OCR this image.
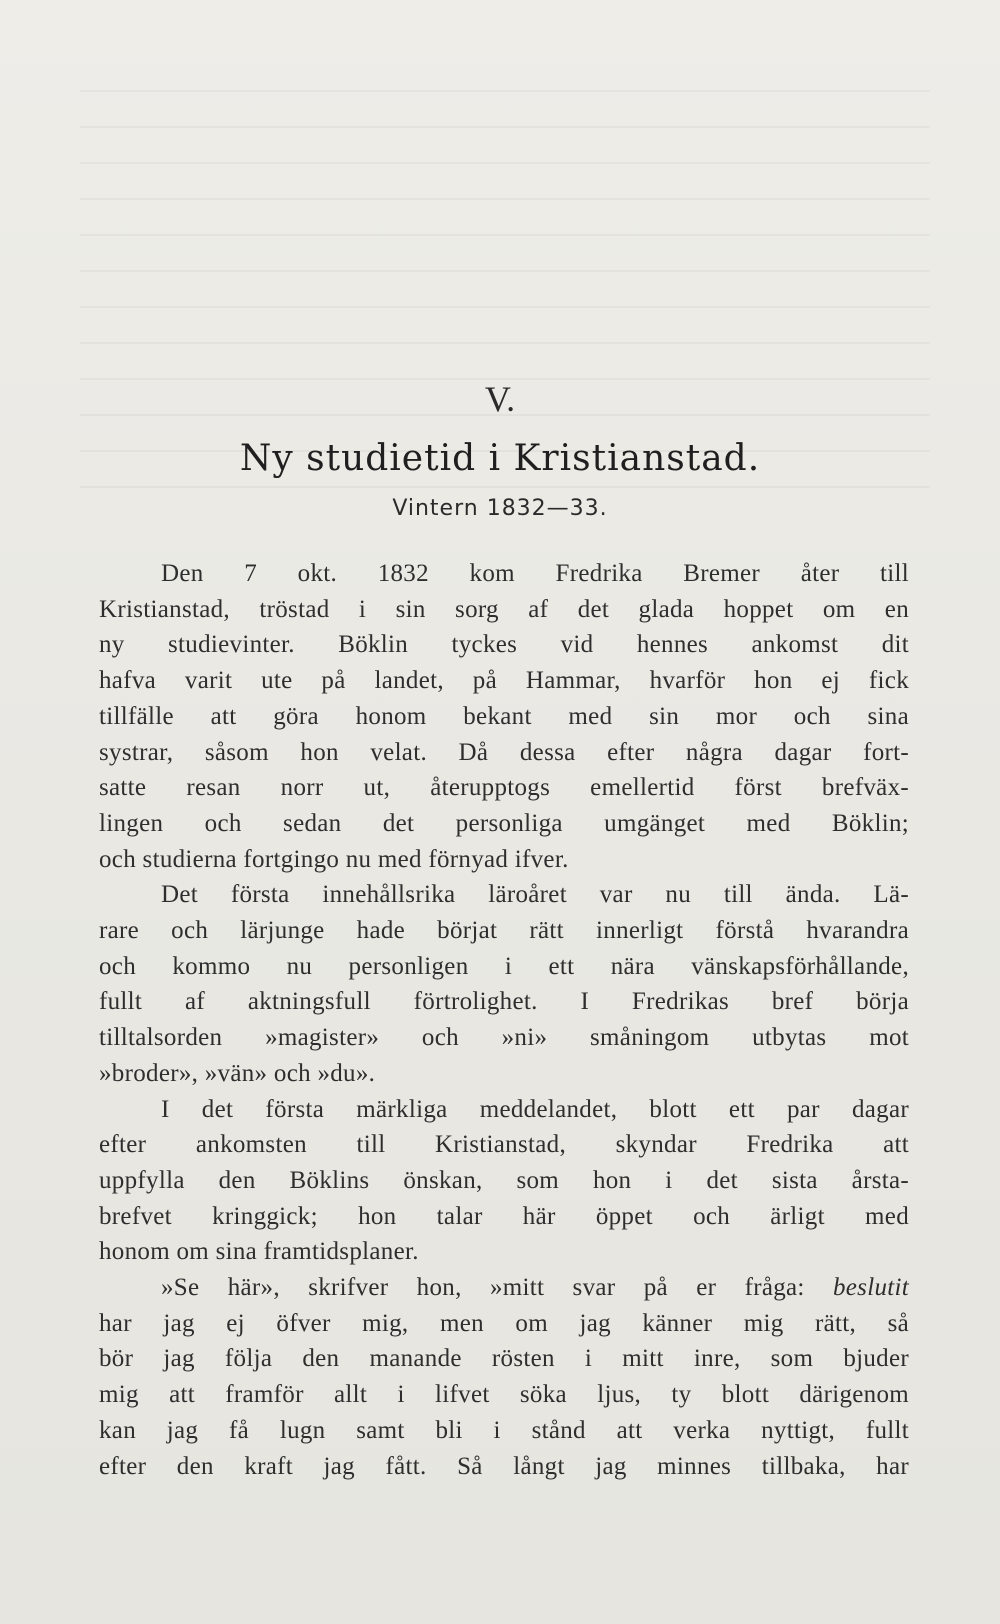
V.
Ny studietid i Kristianstad.
Vintern 1832—33.
Den 7 okt. 1832 kom Fredrika Bremer åter till
Kristianstad, tröstad i sin sorg af det glada hoppet om en
ny studievinter. Böklin tyckes vid hennes ankomst dit
hafva varit ute på landet, på Hammar, hvarför hon ej fick
tillfälle att göra honom bekant med sin mor och sina
systrar, såsom hon velat. Då dessa efter några dagar fort-
satte resan norr ut, återupptogs emellertid först brefväx-
lingen och sedan det personliga umgänget med Böklin;
och studierna fortgingo nu med förnyad ifver.
Det första innehållsrika läroåret var nu till ända. Lä-
rare och lärjunge hade börjat rätt innerligt förstå hvarandra
och kommo nu personligen i ett nära vänskapsförhållande,
fullt af aktningsfull förtrolighet. I Fredrikas bref börja
tilltalsorden »magister» och »ni» småningom utbytas mot
»broder», »vän» och »du».
I det första märkliga meddelandet, blott ett par dagar
efter ankomsten till Kristianstad, skyndar Fredrika att
uppfylla den Böklins önskan, som hon i det sista årsta-
brefvet kringgick; hon talar här öppet och ärligt med
honom om sina framtidsplaner.
»Se här», skrifver hon, »mitt svar på er fråga: beslutit
har jag ej öfver mig, men om jag känner mig rätt, så
bör jag följa den manande rösten i mitt inre, som bjuder
mig att framför allt i lifvet söka ljus, ty blott därigenom
kan jag få lugn samt bli i stånd att verka nyttigt, fullt
efter den kraft jag fått. Så långt jag minnes tillbaka, har
